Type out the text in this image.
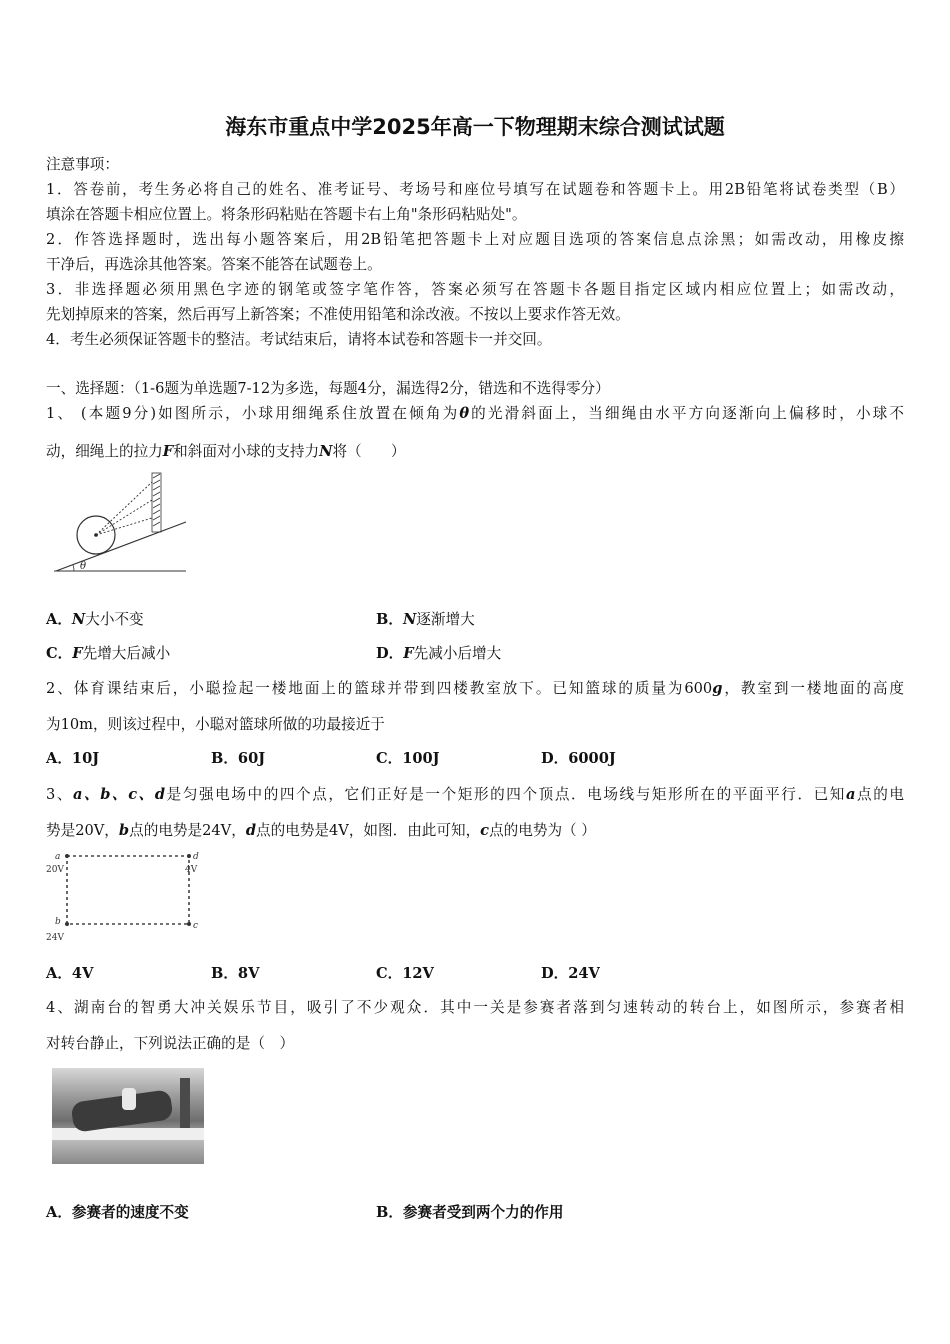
海东市重点中学2025年高一下物理期末综合测试试题
注意事项：
1．答卷前，考生务必将自己的姓名、准考证号、考场号和座位号填写在试题卷和答题卡上。用2B铅笔将试卷类型（B）
填涂在答题卡相应位置上。将条形码粘贴在答题卡右上角"条形码粘贴处"。
2．作答选择题时，选出每小题答案后，用2B铅笔把答题卡上对应题目选项的答案信息点涂黑；如需改动，用橡皮擦
干净后，再选涂其他答案。答案不能答在试题卷上。
3．非选择题必须用黑色字迹的钢笔或签字笔作答，答案必须写在答题卡各题目指定区域内相应位置上；如需改动，
先划掉原来的答案，然后再写上新答案；不准使用铅笔和涂改液。不按以上要求作答无效。
4．考生必须保证答题卡的整洁。考试结束后，请将本试卷和答题卡一并交回。
一、选择题：（1-6题为单选题7-12为多选，每题4分，漏选得2分，错选和不选得零分）
1、 (本题9分)如图所示，小球用细绳系住放置在倾角为θ的光滑斜面上，当细绳由水平方向逐渐向上偏移时，小球不
动，细绳上的拉力F和斜面对小球的支持力N将（　　）
θ
A．N大小不变	B．N逐渐增大
C．F先增大后减小	D．F先减小后增大
2、体育课结束后，小聪捡起一楼地面上的篮球并带到四楼教室放下。已知篮球的质量为600g，教室到一楼地面的高度
为10m，则该过程中，小聪对篮球所做的功最接近于
A．10J	B．60J	C．100J	D．6000J
3、a、b、c、d是匀强电场中的四个点，它们正好是一个矩形的四个顶点．电场线与矩形所在的平面平行．已知a点的电
势是20V，b点的电势是24V，d点的电势是4V，如图．由此可知，c点的电势为（ ）
a
20V
d
4V
b
24V
c
A．4V	B．8V	C．12V	D．24V
4、湖南台的智勇大冲关娱乐节目，吸引了不少观众．其中一关是参赛者落到匀速转动的转台上，如图所示，参赛者相
对转台静止，下列说法正确的是（　）
A．参赛者的速度不变	B．参赛者受到两个力的作用
